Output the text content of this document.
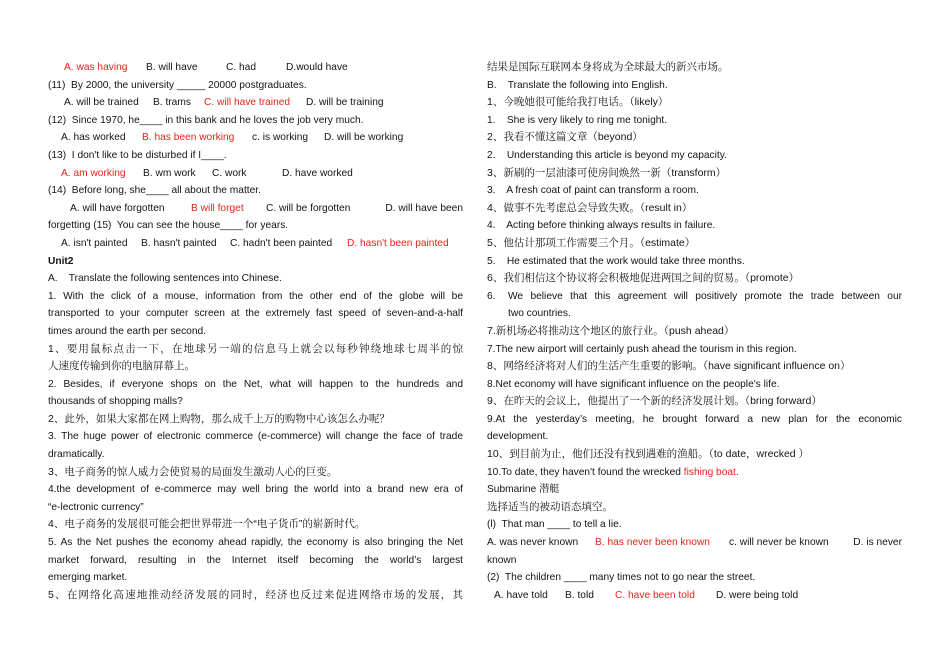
A. was having B. will have	C. had	D.would have
(11)  By 2000, the university _____ 20000 postgraduates.
A. will be trained B. trams C. will have trained D. will be training
(12)  Since 1970, he____ in this bank and he loves the job very much.
A. has worked B. has been working c. is working D. will be working
(13)  I don't like to be disturbed if I____.
A. am working B. wm work C. work	D. have worked
(14)  Before long, she____ all about the matter.
A. will have forgotten	B will forget C. will be forgotten	D. will have been
forgetting (15)  You can see the house____ for years.
A. isn't painted B. hasn't painted C. hadn't been painted D. hasn't been painted
Unit2
A.    Translate the following sentences into Chinese.
1. With the click of a mouse, information from the other end of the globe will be
transported to your computer screen at the extremely fast speed of seven-and-a-half
times around the earth per second.
1、要用鼠标点击一下，在地球另一端的信息马上就会以每秒钟绕地球七周半的惊
人速度传输到你的电脑屏幕上。
2. Besides, if everyone shops on the Net, what will happen to the hundreds and
thousands of shopping malls?
2、此外，如果大家都在网上购物，那么成千上万的购物中心该怎么办呢？
3. The huge power of electronic commerce (e-commerce) will change the face of trade
dramatically.
3、电子商务的惊人威力会使贸易的局面发生激动人心的巨变。
4.the development of e-commerce may well bring the world into a brand new era of
“e-lectronic currency”
4、电子商务的发展很可能会把世界带进一个“电子货币”的崭新时代。
5. As the Net pushes the economy ahead rapidly, the economy is also bringing the Net
market forward, resulting in the Internet itself becoming the world’s largest
emerging market.
5、在网络化高速地推动经济发展的同时，经济也反过来促进网络市场的发展，其
结果是国际互联网本身将成为全球最大的新兴市场。
B.    Translate the following into English.
1、今晚她很可能给我打电话。（likely）
1.    She is very likely to ring me tonight.
2、我看不懂这篇文章（beyond）
2.    Understanding this article is beyond my capacity.
3、新刷的一层油漆可使房间焕然一新（transform）
3.    A fresh coat of paint can transform a room.
4、做事不先考虑总会导致失败。（result in）
4.    Acting before thinking always results in failure.
5、他估计那项工作需要三个月。（estimate）
5.    He estimated that the work would take three months.
6、我们相信这个协议将会积极地促进两国之间的贸易。（promote）
6. We believe that this agreement will positively promote the trade between our
two countries.
7.新机场必将推动这个地区的旅行业。（push ahead）
7.The new airport will certainly push ahead the tourism in this region.
8、网络经济将对人们的生活产生重要的影响。（have significant influence on）
8.Net economy will have significant influence on the people's life.
9、在昨天的会议上，他提出了一个新的经济发展计划。（bring forward）
9.At the yesterday’s meeting, he brought forward a new plan for the economic
development.
10、到目前为止，他们还没有找到遇难的渔船。（to date，wrecked ）
10.To date, they haven't found the wrecked fishing boat.
Submarine 潜艇
选择适当的被动语态填空。
(l)  That man ____ to tell a lie.
A. was never known B. has never been known c. will never be known D. is never
known
(2)  The children ____ many times not to go near the street.
A. have told B. told C. have been told D. were being told
